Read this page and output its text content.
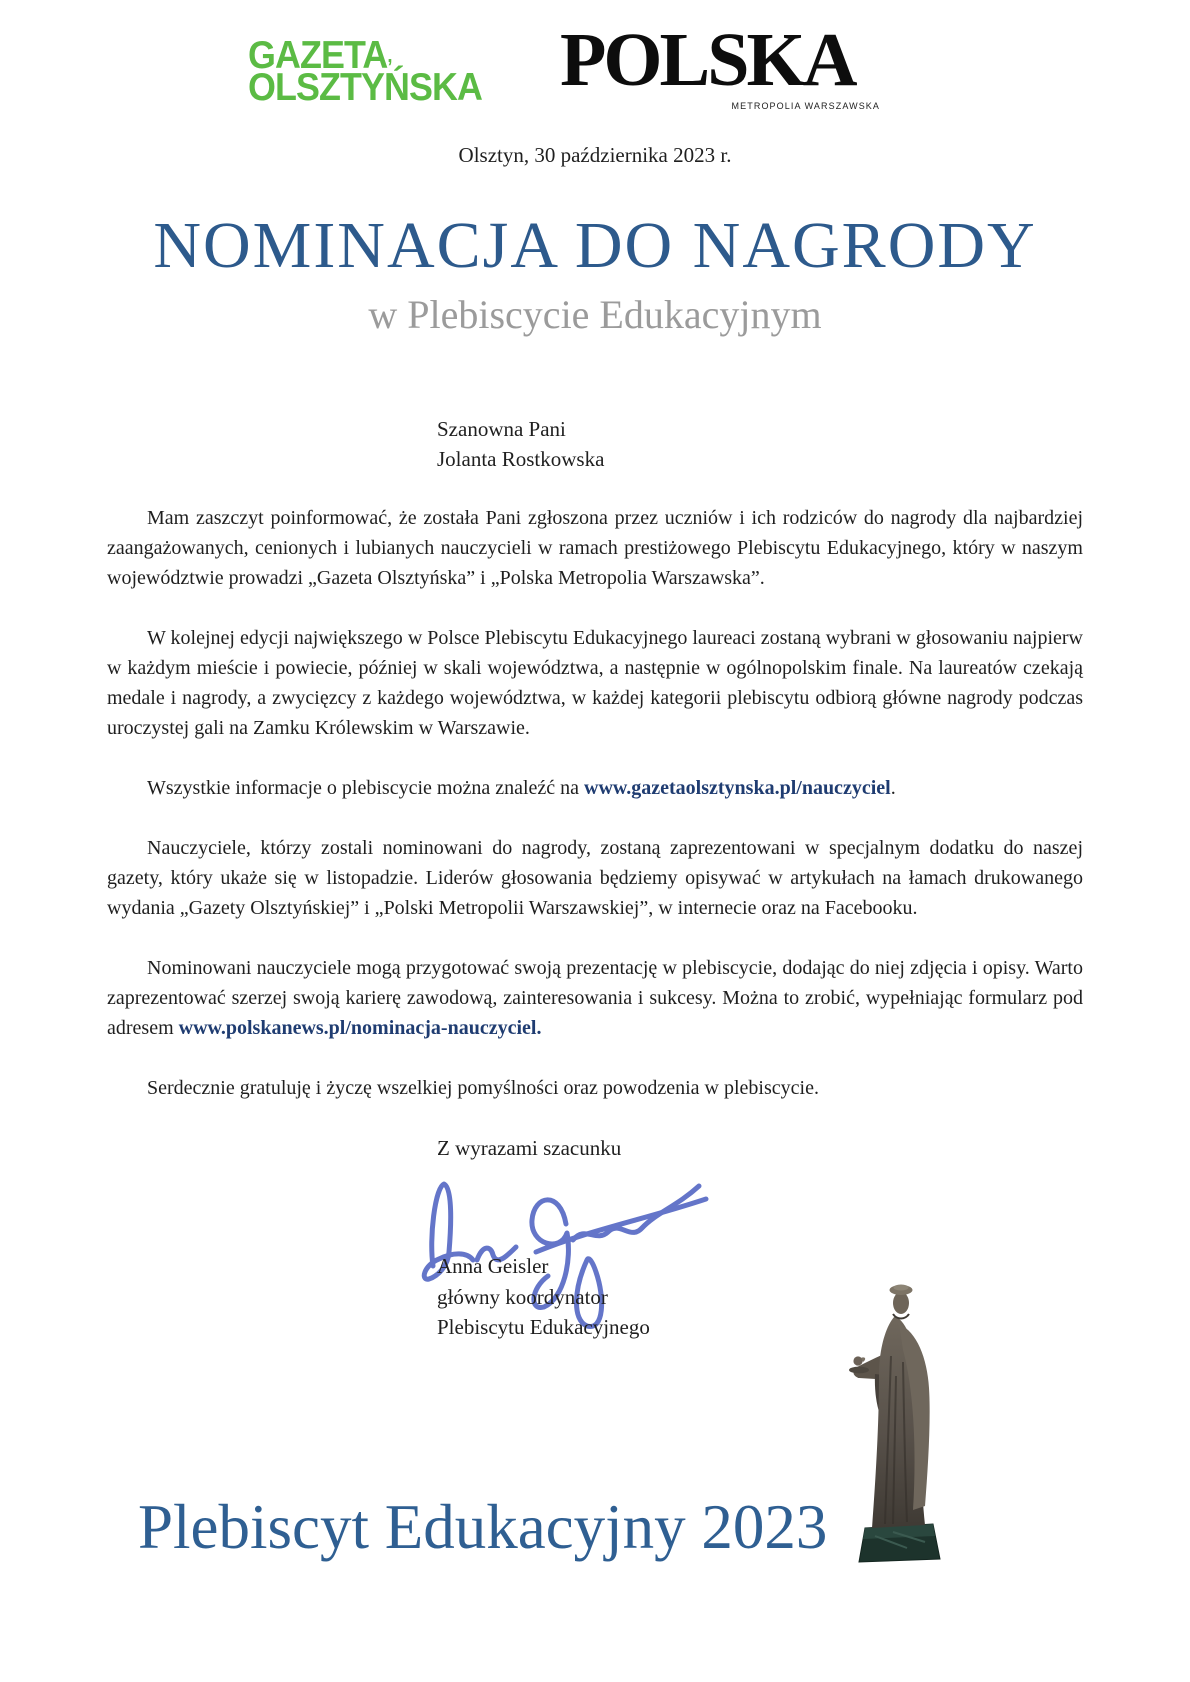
GAZETA,
OLSZTYŃSKA POLSKA
METROPOLIA WARSZAWSKA
Olsztyn, 30 października 2023 r.
NOMINACJA DO NAGRODY
w Plebiscycie Edukacyjnym
Szanowna Pani
Jolanta Rostkowska

Mam zaszczyt poinformować, że została Pani zgłoszona przez uczniów i ich rodziców do nagrody dla najbardziej zaangażowanych, cenionych i lubianych nauczycieli w ramach prestiżowego Plebiscytu Edukacyjnego, który w naszym województwie prowadzi „Gazeta Olsztyńska” i „Polska Metropolia Warszawska”.

W kolejnej edycji największego w Polsce Plebiscytu Edukacyjnego laureaci zostaną wybrani w głosowaniu najpierw w każdym mieście i powiecie, później w skali województwa, a następnie w ogólnopolskim finale. Na laureatów czekają medale i nagrody, a zwycięzcy z każdego województwa, w każdej kategorii plebiscytu odbiorą główne nagrody podczas uroczystej gali na Zamku Królewskim w Warszawie.

Wszystkie informacje o plebiscycie można znaleźć na www.gazetaolsztynska.pl/nauczyciel.

Nauczyciele, którzy zostali nominowani do nagrody, zostaną zaprezentowani w specjalnym dodatku do naszej gazety, który ukaże się w listopadzie. Liderów głosowania będziemy opisywać w artykułach na łamach drukowanego wydania „Gazety Olsztyńskiej” i „Polski Metropolii Warszawskiej”, w internecie oraz na Facebooku.

Nominowani nauczyciele mogą przygotować swoją prezentację w plebiscycie, dodając do niej zdjęcia i opisy. Warto zaprezentować szerzej swoją karierę zawodową, zainteresowania i sukcesy. Można to zrobić, wypełniając formularz pod adresem www.polskanews.pl/nominacja-nauczyciel.

Serdecznie gratuluję i życzę wszelkiej pomyślności oraz powodzenia w plebiscycie.

Z wyrazami szacunku
Anna Geisler
główny koordynator
Plebiscytu Edukacyjnego
Plebiscyt Edukacyjny 2023
